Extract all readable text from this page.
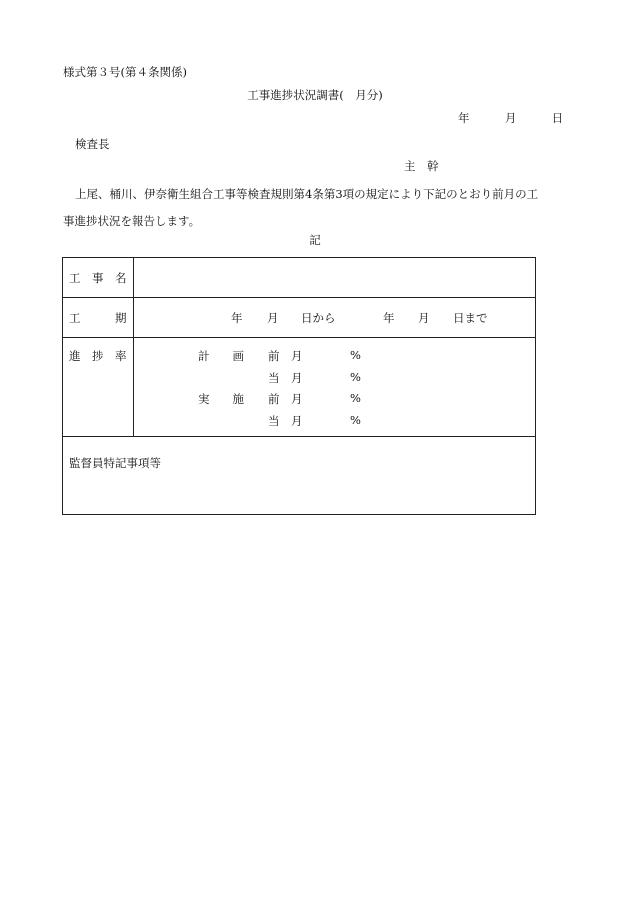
様式第３号(第４条関係)
工事進捗状況調書(　月分)
年	月	日
検査長
主　幹
上尾、桶川、伊奈衛生組合工事等検査規則第4条第3項の規定により下記のとおり前月の工事進捗状況を報告します。
記
工　事　名
工　　　期	年 月 日から	年 月 日まで
進　捗　率	計　　画 前　月	%
当　月	%
実　　施 前　月	%
当　月	%
監督員特記事項等
